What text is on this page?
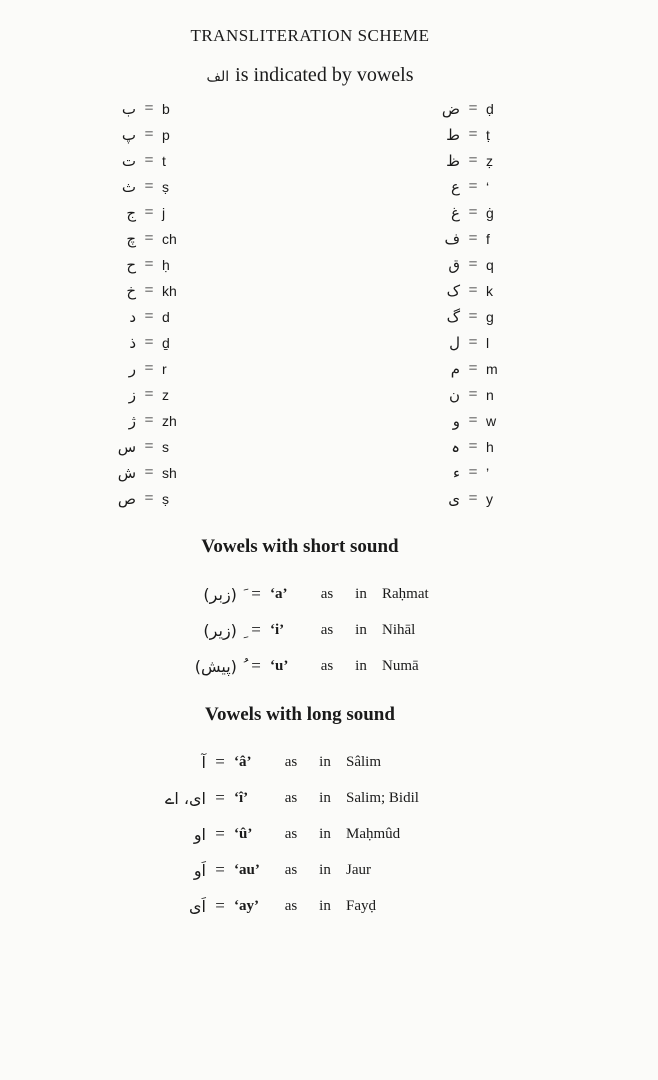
TRANSLITERATION SCHEME
الف is indicated by vowels
ب = b
پ = p
ت = t
ث = ṣ
ج = j
چ = ch
ح = ḥ
خ = kh
د = d
ذ = ḏ
ر = r
ز = z
ژ = zh
س = s
ش = sh
ص = ṣ
ض = ḍ
ط = ṭ
ظ = ẓ
ع = ‘
غ = ġ
ف = f
ق = q
ک = k
گ = g
ل = l
م = m
ن = n
و = w
ہ = h
ء = ’
ی = y
Vowels with short sound
َ (زبر) = ‘a’	as	in	Raḥmat
ِ (زیر) = ‘i’	as	in	Nihāl
ُ (پیش) = ‘u’	as	in	Numā
Vowels with long sound
آ = ‘â’	as	in	Sâlim
ای، اے = ‘î’	as	in	Salim; Bidil
او = ‘û’	as	in	Maḥmûd
اَو = ‘au’	as	in	Jaur
اَی = ‘ay’	as	in	Fayḍ
